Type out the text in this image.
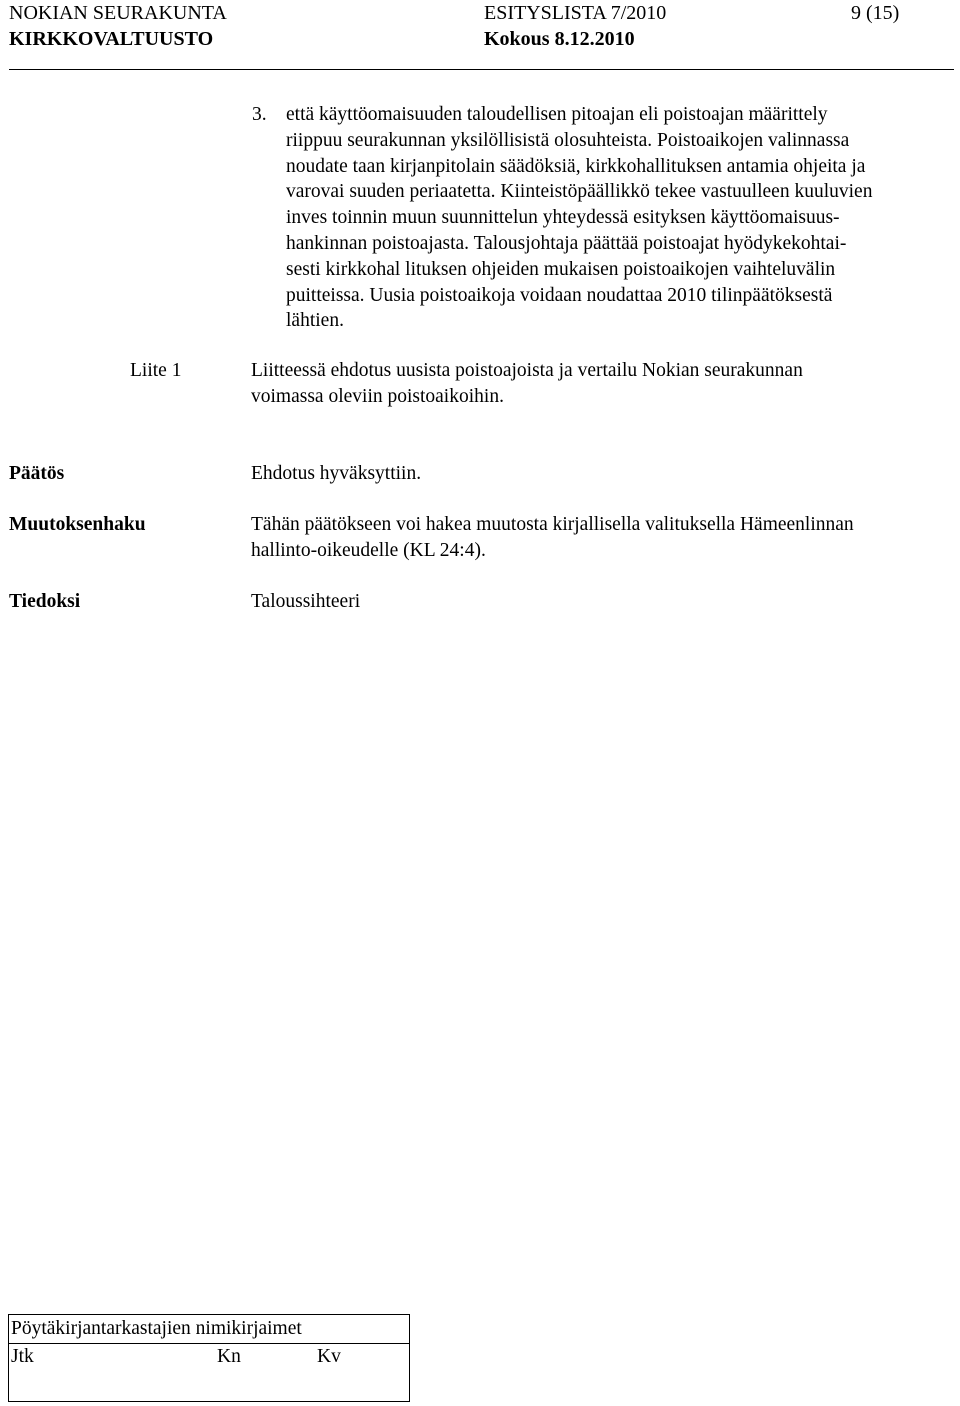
NOKIAN SEURAKUNTA	ESITYSLISTA 7/2010	9 (15)
KIRKKOVALTUUSTO	Kokous 8.12.2010
3. että käyttöomaisuuden taloudellisen pitoajan eli poistoajan määrittely
riippuu seurakunnan yksilöllisistä olosuhteista. Poistoaikojen valinnassa
noudate taan kirjanpitolain säädöksiä, kirkkohallituksen antamia ohjeita ja
varovai suuden periaatetta. Kiinteistöpäällikkö tekee vastuulleen kuuluvien
inves toinnin muun suunnittelun yhteydessä esityksen käyttöomaisuus-
hankinnan poistoajasta. Talousjohtaja päättää poistoajat hyödykekohtai-
sesti kirkkohal lituksen ohjeiden mukaisen poistoaikojen vaihteluvälin
puitteissa. Uusia poistoaikoja voidaan noudattaa 2010 tilinpäätöksestä
lähtien.
Liite 1	Liitteessä ehdotus uusista poistoajoista ja vertailu Nokian seurakunnan
voimassa oleviin poistoaikoihin.
Päätös	Ehdotus hyväksyttiin.
Muutoksenhaku	Tähän päätökseen voi hakea muutosta kirjallisella valituksella Hämeenlinnan
hallinto-oikeudelle (KL 24:4).
Tiedoksi	Taloussihteeri
Pöytäkirjantarkastajien nimikirjaimet
Jtk	Kn	Kv
